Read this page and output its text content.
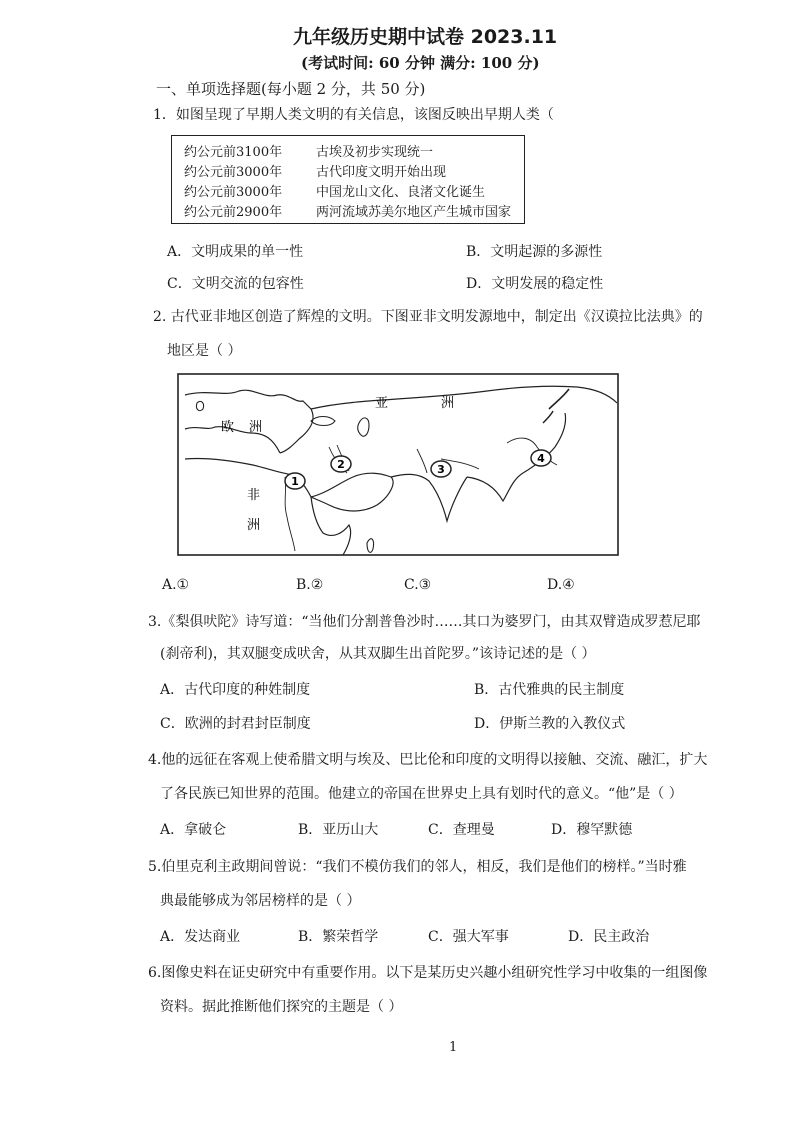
九年级历史期中试卷 2023.11
(考试时间: 60 分钟 满分: 100 分)
一、单项选择题(每小题 2 分，共 50 分)
1．如图呈现了早期人类文明的有关信息，该图反映出早期人类（
约公元前3100年	古埃及初步实现统一
约公元前3000年	古代印度文明开始出现
约公元前3000年	中国龙山文化、良渚文化诞生
约公元前2900年	两河流域苏美尔地区产生城市国家
A．文明成果的单一性	B．文明起源的多源性
C．文明交流的包容性	D．文明发展的稳定性
2. 古代亚非地区创造了辉煌的文明。下图亚非文明发源地中，制定出《汉谟拉比法典》的
地区是（ ）
欧 洲
亚	洲
非
洲
1
2	3
4
A.①	B.②	C.③	D.④
3.《梨俱吠陀》诗写道：“当他们分割普鲁沙时……其口为婆罗门，由其双臂造成罗惹尼耶
(刹帝利)，其双腿变成吠舍，从其双脚生出首陀罗。”该诗记述的是（ ）
A．古代印度的种姓制度	B．古代雅典的民主制度
C．欧洲的封君封臣制度	D．伊斯兰教的入教仪式
4.他的远征在客观上使希腊文明与埃及、巴比伦和印度的文明得以接触、交流、融汇，扩大
了各民族已知世界的范围。他建立的帝国在世界史上具有划时代的意义。“他”是（ ）
A．拿破仑	B．亚历山大	C．查理曼	D．穆罕默德
5.伯里克利主政期间曾说：“我们不模仿我们的邻人，相反，我们是他们的榜样。”当时雅
典最能够成为邻居榜样的是（ ）
A．发达商业	B．繁荣哲学	C．强大军事	D．民主政治
6.图像史料在证史研究中有重要作用。以下是某历史兴趣小组研究性学习中收集的一组图像
资料。据此推断他们探究的主题是（ ）
1
